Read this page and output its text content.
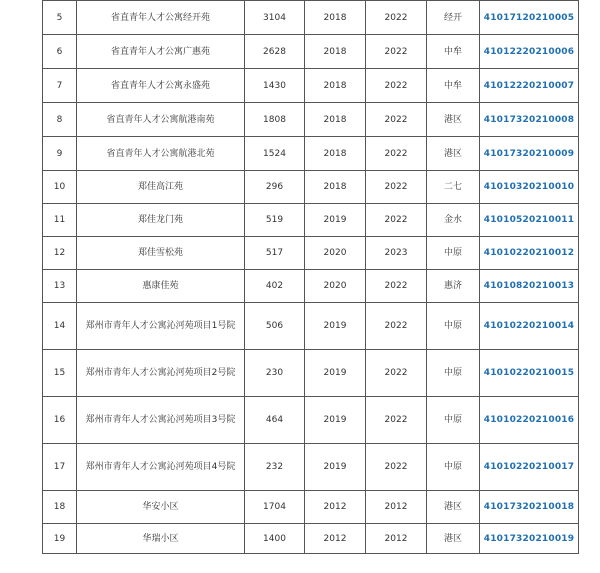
5	省直青年人才公寓经开苑	3104	2018	2022	经开	41017120210005
6	省直青年人才公寓广惠苑	2628	2018	2022	中牟	41012220210006
7	省直青年人才公寓永盛苑	1430	2018	2022	中牟	41012220210007
8	省直青年人才公寓航港南苑	1808	2018	2022	港区	41017320210008
9	省直青年人才公寓航港北苑	1524	2018	2022	港区	41017320210009
10	郑佳高江苑	296	2018	2022	二七	41010320210010
11	郑佳龙门苑	519	2019	2022	金水	41010520210011
12	郑佳雪松苑	517	2020	2023	中原	41010220210012
13	惠康佳苑	402	2020	2022	惠济	41010820210013
14	郑州市青年人才公寓沁河苑项目1号院	506	2019	2022	中原	41010220210014
15	郑州市青年人才公寓沁河苑项目2号院	230	2019	2022	中原	41010220210015
16	郑州市青年人才公寓沁河苑项目3号院	464	2019	2022	中原	41010220210016
17	郑州市青年人才公寓沁河苑项目4号院	232	2019	2022	中原	41010220210017
18	华安小区	1704	2012	2012	港区	41017320210018
19	华瑞小区	1400	2012	2012	港区	41017320210019
